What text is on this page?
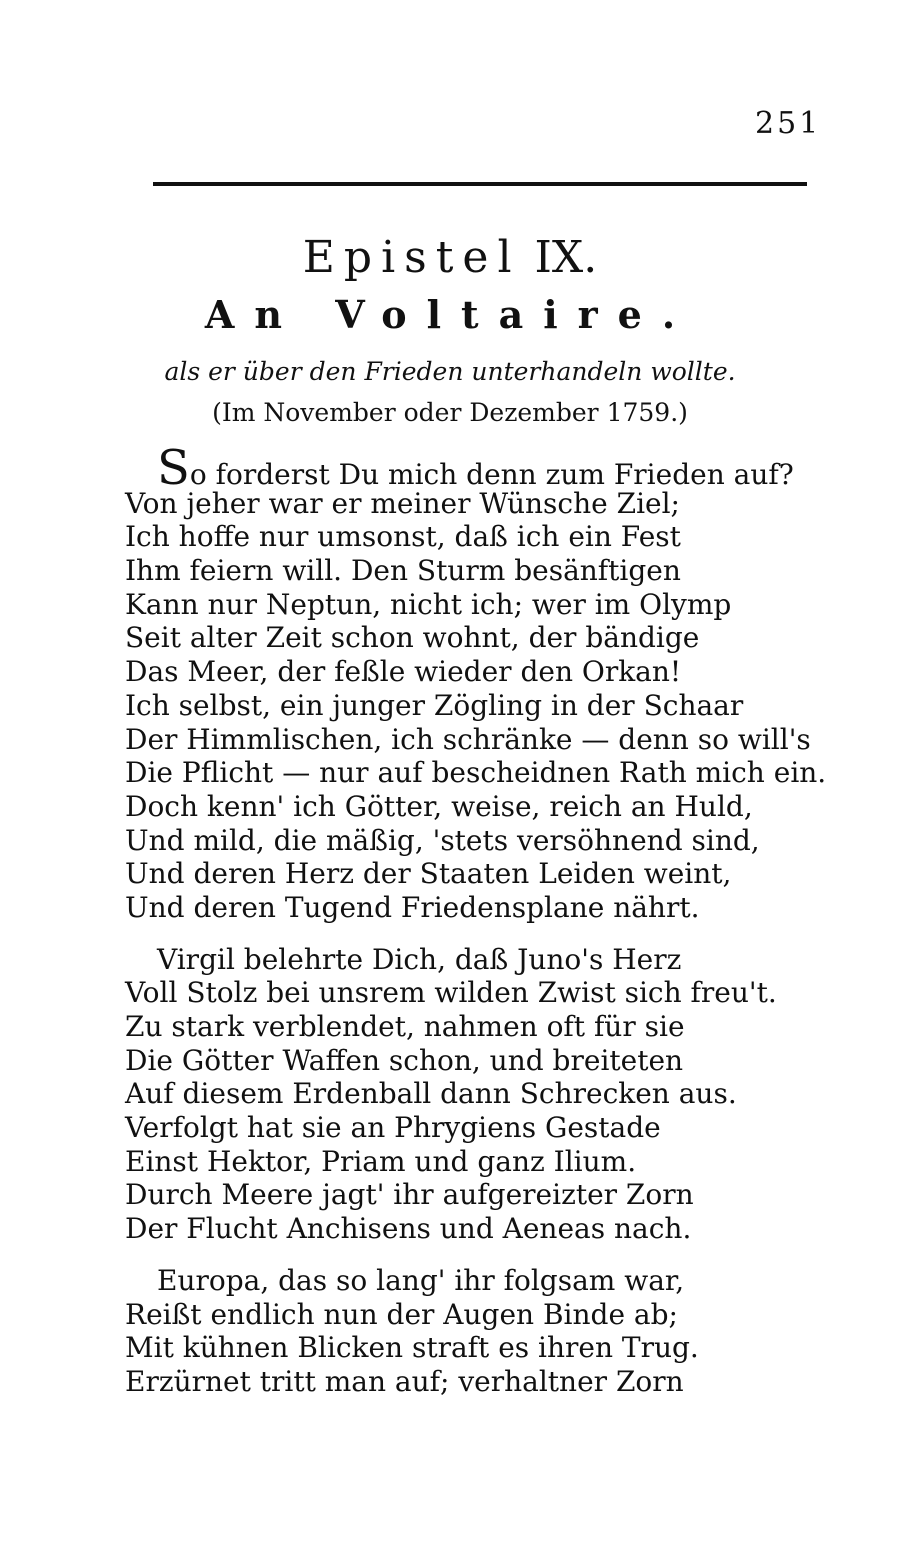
251
Epistel IX.
An Voltaire.
als er über den Frieden unterhandeln wollte.
(Im November oder Dezember 1759.)
So forderst Du mich denn zum Frieden auf?
Von jeher war er meiner Wünsche Ziel;
Ich hoffe nur umsonst, daß ich ein Fest
Ihm feiern will. Den Sturm besänftigen
Kann nur Neptun, nicht ich; wer im Olymp
Seit alter Zeit schon wohnt, der bändige
Das Meer, der feßle wieder den Orkan!
Ich selbst, ein junger Zögling in der Schaar
Der Himmlischen, ich schränke — denn so will's
Die Pflicht — nur auf bescheidnen Rath mich ein.
Doch kenn' ich Götter, weise, reich an Huld,
Und mild, die mäßig, 'stets versöhnend sind,
Und deren Herz der Staaten Leiden weint,
Und deren Tugend Friedensplane nährt.
Virgil belehrte Dich, daß Juno's Herz
Voll Stolz bei unsrem wilden Zwist sich freu't.
Zu stark verblendet, nahmen oft für sie
Die Götter Waffen schon, und breiteten
Auf diesem Erdenball dann Schrecken aus.
Verfolgt hat sie an Phrygiens Gestade
Einst Hektor, Priam und ganz Ilium.
Durch Meere jagt' ihr aufgereizter Zorn
Der Flucht Anchisens und Aeneas nach.
Europa, das so lang' ihr folgsam war,
Reißt endlich nun der Augen Binde ab;
Mit kühnen Blicken straft es ihren Trug.
Erzürnet tritt man auf; verhaltner Zorn
